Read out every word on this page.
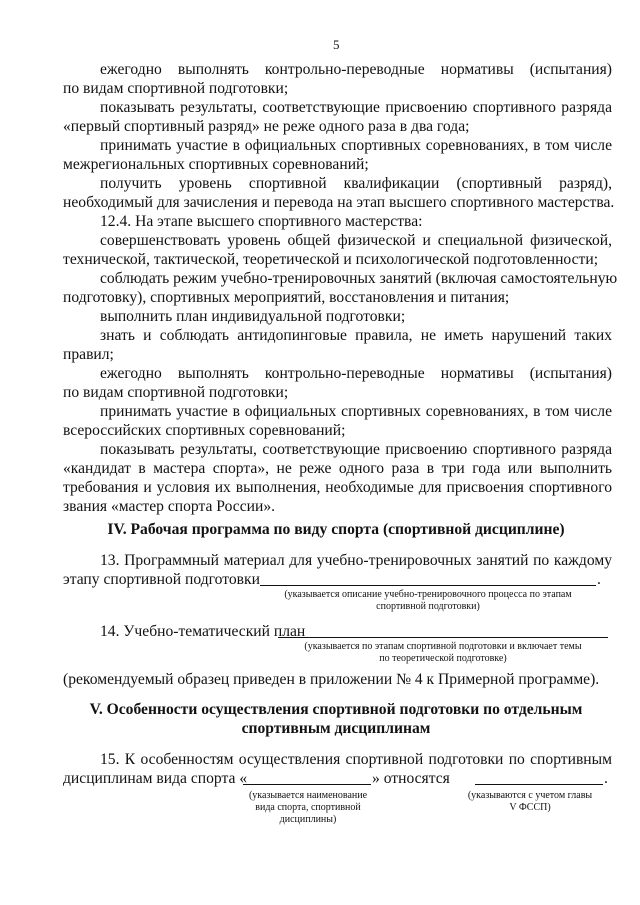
5
ежегодно выполнять контрольно-переводные нормативы (испытания)
по видам спортивной подготовки;
показывать результаты, соответствующие присвоению спортивного разряда
«первый спортивный разряд» не реже одного раза в два года;
принимать участие в официальных спортивных соревнованиях, в том числе
межрегиональных спортивных соревнований;
получить уровень спортивной квалификации (спортивный разряд),
необходимый для зачисления и перевода на этап высшего спортивного мастерства.
12.4. На этапе высшего спортивного мастерства:
совершенствовать уровень общей физической и специальной физической,
технической, тактической, теоретической и психологической подготовленности;
соблюдать режим учебно-тренировочных занятий (включая самостоятельную
подготовку), спортивных мероприятий, восстановления и питания;
выполнить план индивидуальной подготовки;
знать и соблюдать антидопинговые правила, не иметь нарушений таких
правил;
ежегодно выполнять контрольно-переводные нормативы (испытания)
по видам спортивной подготовки;
принимать участие в официальных спортивных соревнованиях, в том числе
всероссийских спортивных соревнований;
показывать результаты, соответствующие присвоению спортивного разряда
«кандидат в мастера спорта», не реже одного раза в три года или выполнить
требования и условия их выполнения, необходимые для присвоения спортивного
звания «мастер спорта России».
IV. Рабочая программа по виду спорта (спортивной дисциплине)
13. Программный материал для учебно-тренировочных занятий по каждому
этапу спортивной подготовки	.
(указывается описание учебно-тренировочного процесса по этапам
спортивной подготовки)
14. Учебно-тематический план
(указывается по этапам спортивной подготовки и включает темы
по теоретической подготовке)
(рекомендуемый образец приведен в приложении № 4 к Примерной программе).
V. Особенности осуществления спортивной подготовки по отдельным
спортивным дисциплинам
15. К особенностям осуществления спортивной подготовки по спортивным
дисциплинам вида спорта «	» относятся	.
(указывается наименование
вида спорта, спортивной
дисциплины)
(указываются с учетом главы
V ФССП)
